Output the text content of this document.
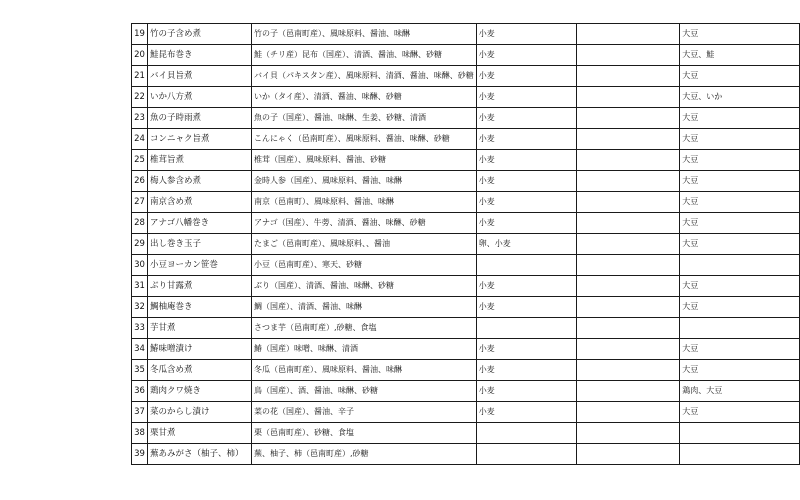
19	竹の子含め煮	竹の子（邑南町産）、風味原料、醤油、味醂	小麦		大豆
20	鮭昆布巻き	鮭（チリ産）昆布（国産）、清酒、醤油、味醂、砂糖	小麦		大豆、鮭
21	バイ貝旨煮	バイ貝（パキスタン産）、風味原料、清酒、醤油、味醂、砂糖	小麦		大豆
22	いか八方煮	いか（タイ産）、清酒、醤油、味醂、砂糖	小麦		大豆、いか
23	魚の子時雨煮	魚の子（国産）、醤油、味醂、生姜、砂糖、清酒	小麦		大豆
24	コンニャク旨煮	こんにゃく（邑南町産）、風味原料、醤油、味醂、砂糖	小麦		大豆
25	椎茸旨煮	椎茸（国産）、風味原料、醤油、砂糖	小麦		大豆
26	梅人参含め煮	金時人参（国産）、風味原料、醤油、味醂	小麦		大豆
27	南京含め煮	南京（邑南町）、風味原料、醤油、味醂	小麦		大豆
28	アナゴ八幡巻き	アナゴ（国産）、牛蒡、清酒、醤油、味醂、砂糖	小麦		大豆
29	出し巻き玉子	たまご（邑南町産）、風味原料、、醤油	卵、小麦		大豆
30	小豆ヨーカン笹巻	小豆（邑南町産）、寒天、砂糖			
31	ぶり甘露煮	ぶり（国産）、清酒、醤油、味醂、砂糖	小麦		大豆
32	鯛柚庵巻き	鯛（国産）、清酒、醤油、味醂	小麦		大豆
33	芋甘煮	さつま芋（邑南町産）,砂糖、食塩			
34	鰆味噌漬け	鰆（国産）味噌、味醂、清酒	小麦		大豆
35	冬瓜含め煮	冬瓜（邑南町産）、風味原料、醤油、味醂	小麦		大豆
36	鶏肉クワ焼き	鳥（国産）、酒、醤油、味醂、砂糖	小麦		鶏肉、大豆
37	菜のからし漬け	菜の花（国産）、醤油、辛子	小麦		大豆
38	栗甘煮	栗（邑南町産）、砂糖、食塩			
39	蕪あみがさ（柚子、柿）	蕪、柚子、柿（邑南町産）,砂糖			
